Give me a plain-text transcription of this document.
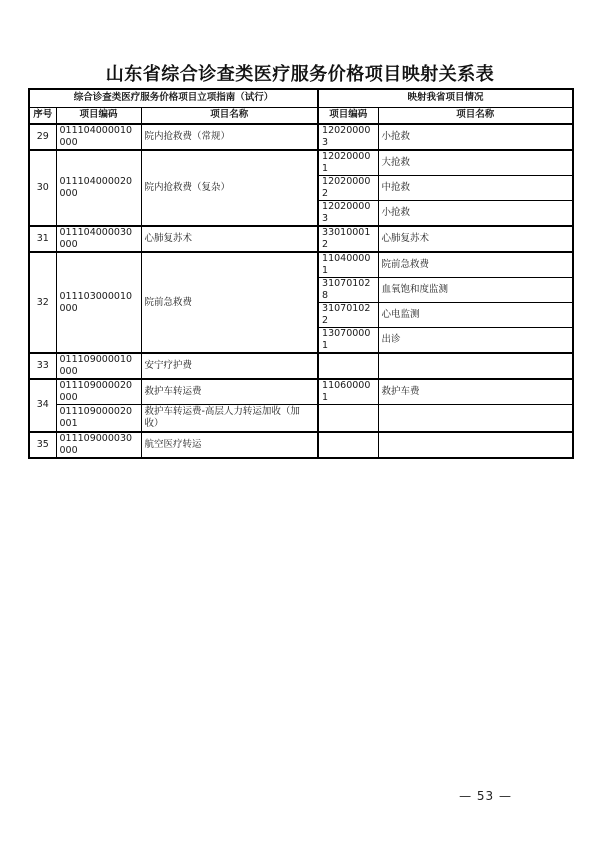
山东省综合诊查类医疗服务价格项目映射关系表
综合诊查类医疗服务价格项目立项指南（试行）			映射我省项目情况	
序号	项目编码	项目名称	项目编码	项目名称
29	011104000010000	院内抢救费（常规）	120200003	小抢救
30	011104000020000	院内抢救费（复杂）	120200001	大抢救
			120200002	中抢救
			120200003	小抢救
31	011104000030000	心肺复苏术	330100012	心肺复苏术
32	011103000010000	院前急救费	110400001	院前急救费
			310701028	血氧饱和度监测
			310701022	心电监测
			130700001	出诊
33	011109000010000	安宁疗护费		
34	011109000020000	救护车转运费	110600001	救护车费
	011109000020001	救护车转运费-高层人力转运加收（加收）		
35	011109000030000	航空医疗转运		
— 53 —
